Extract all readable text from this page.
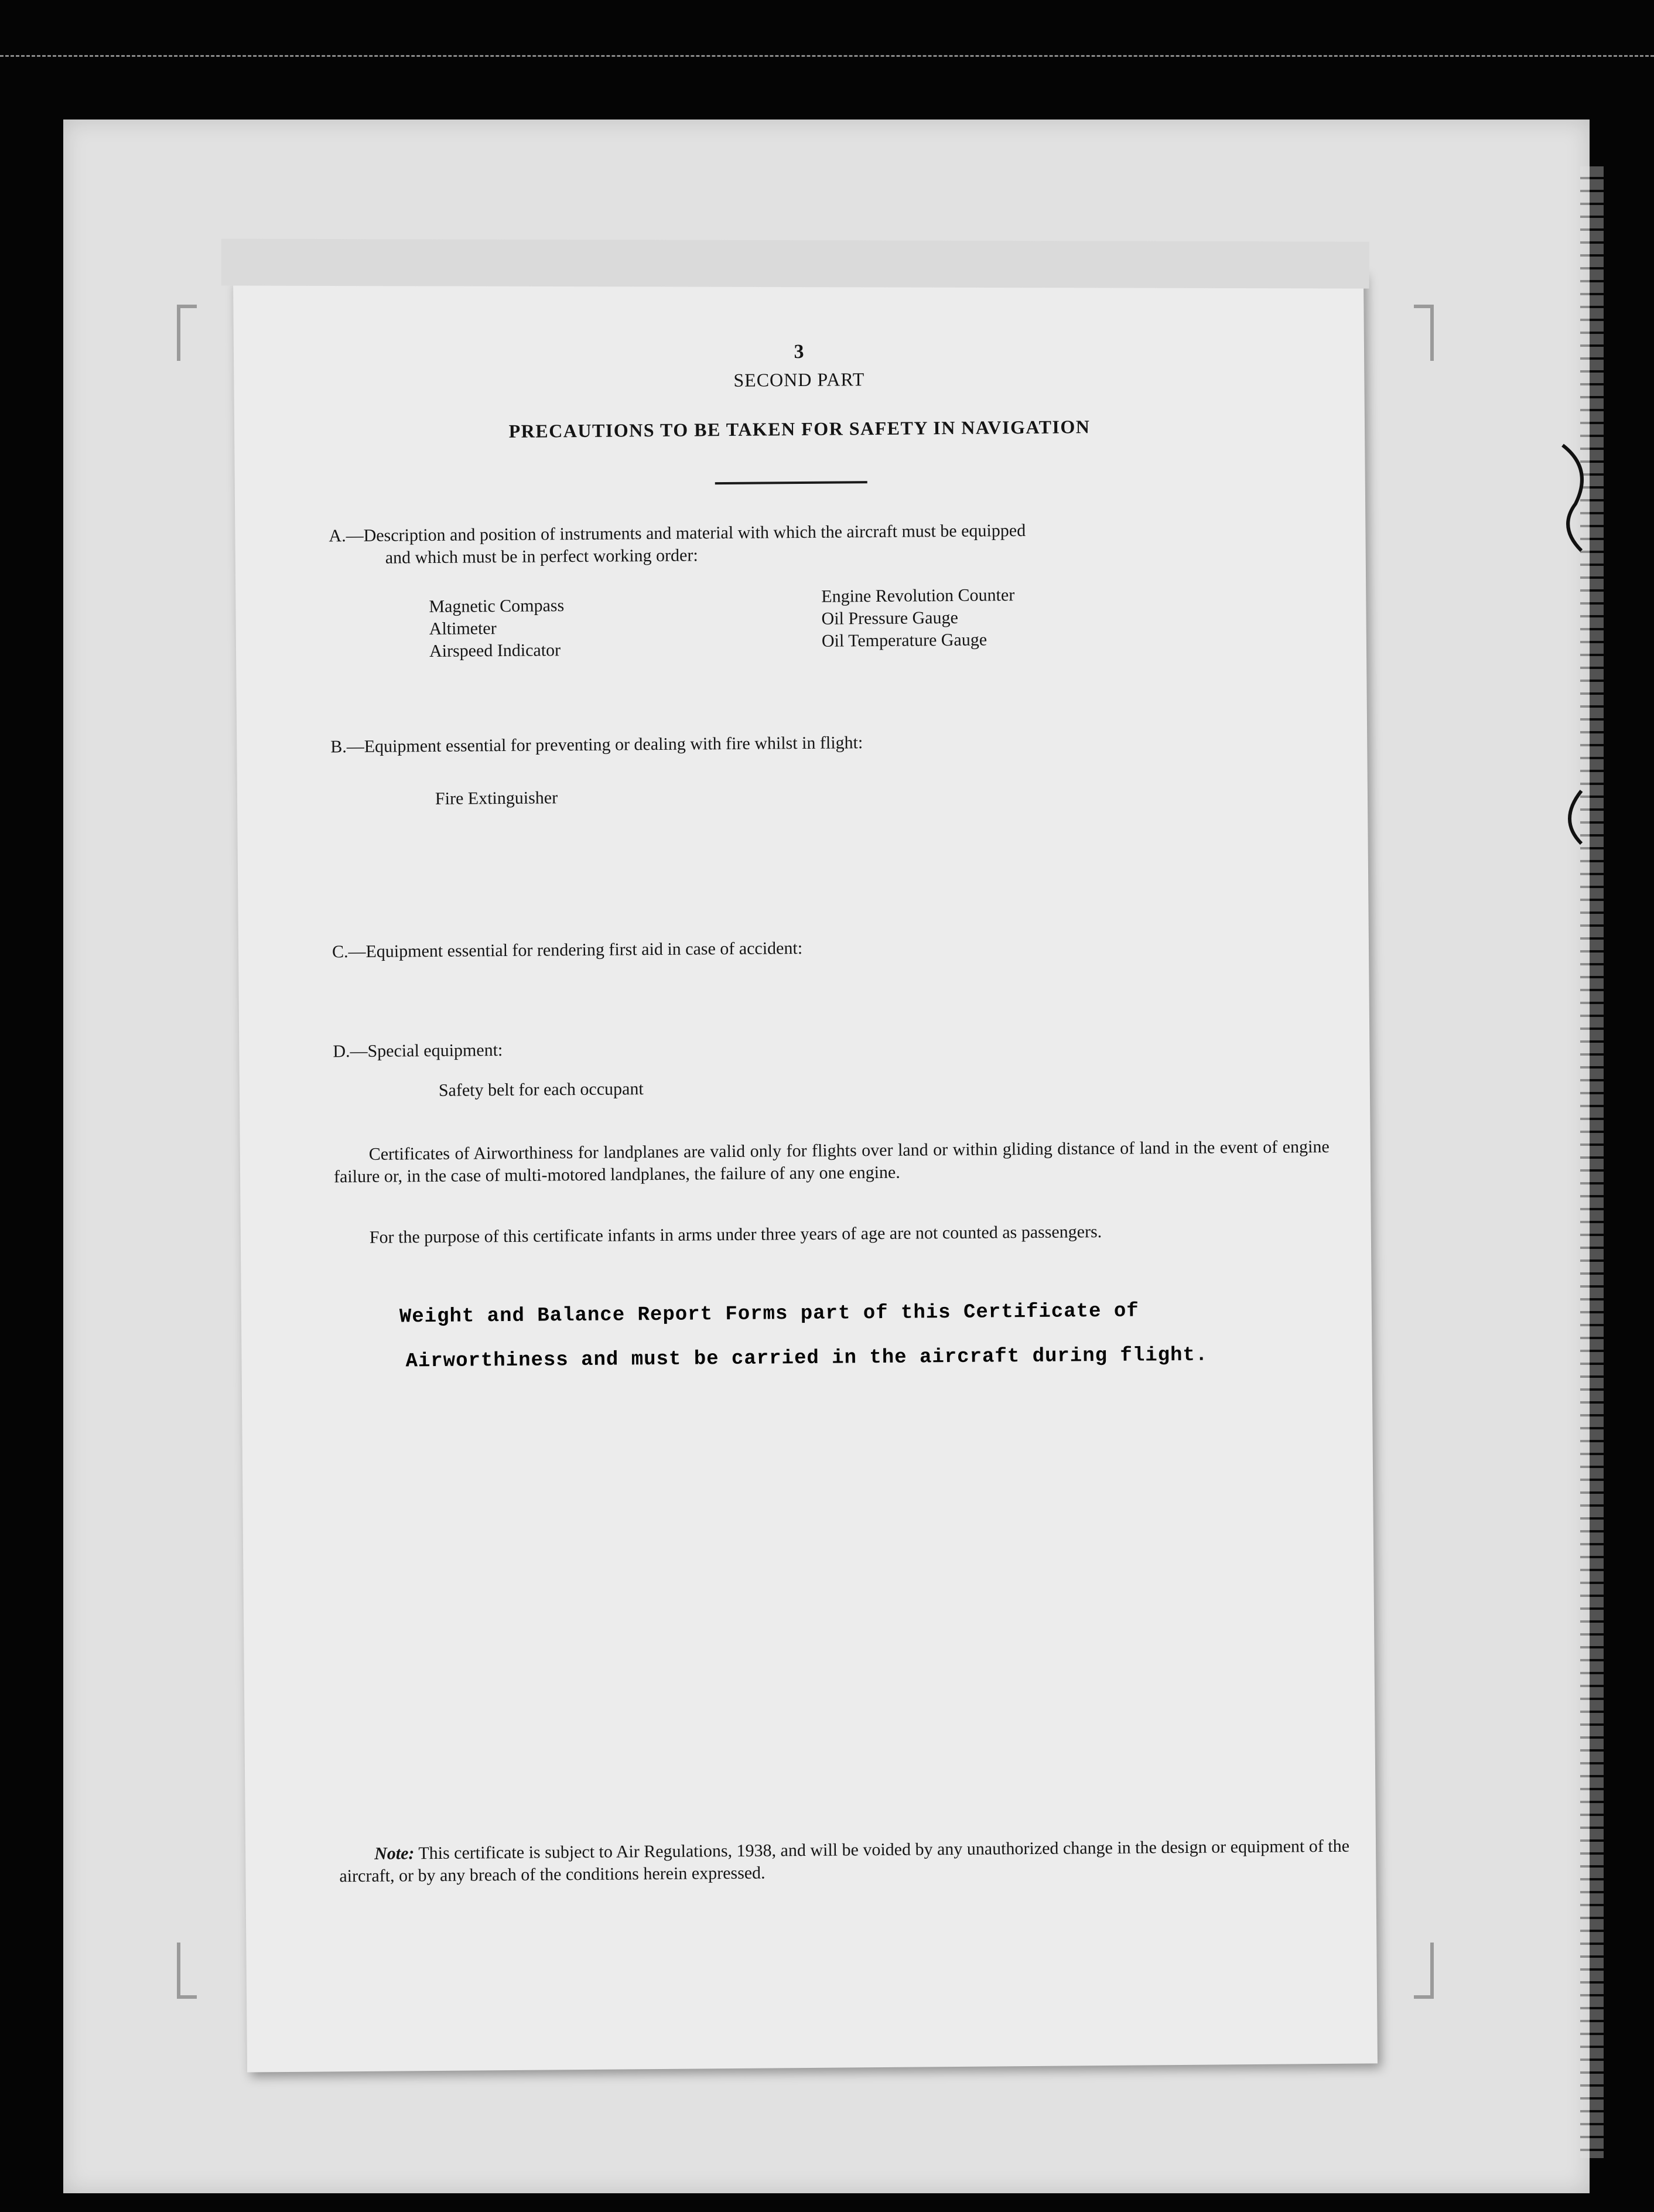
3
SECOND PART
PRECAUTIONS TO BE TAKEN FOR SAFETY IN NAVIGATION
A.—Description and position of instruments and material with which the aircraft must be equipped
and which must be in perfect working order:
Magnetic Compass
Altimeter
Airspeed Indicator
Engine Revolution Counter
Oil Pressure Gauge
Oil Temperature Gauge
B.—Equipment essential for preventing or dealing with fire whilst in flight:
Fire Extinguisher
C.—Equipment essential for rendering first aid in case of accident:
D.—Special equipment:
Safety belt for each occupant
Certificates of Airworthiness for landplanes are valid only for flights over land or within gliding distance of land in the event of engine failure or, in the case of multi-motored landplanes, the failure of any one engine.
For the purpose of this certificate infants in arms under three years of age are not counted as passengers.
Weight and Balance Report Forms part of this Certificate of
Airworthiness and must be carried in the aircraft during flight.
Note: This certificate is subject to Air Regulations, 1938, and will be voided by any unauthorized change in the design or equipment of the aircraft, or by any breach of the conditions herein expressed.
